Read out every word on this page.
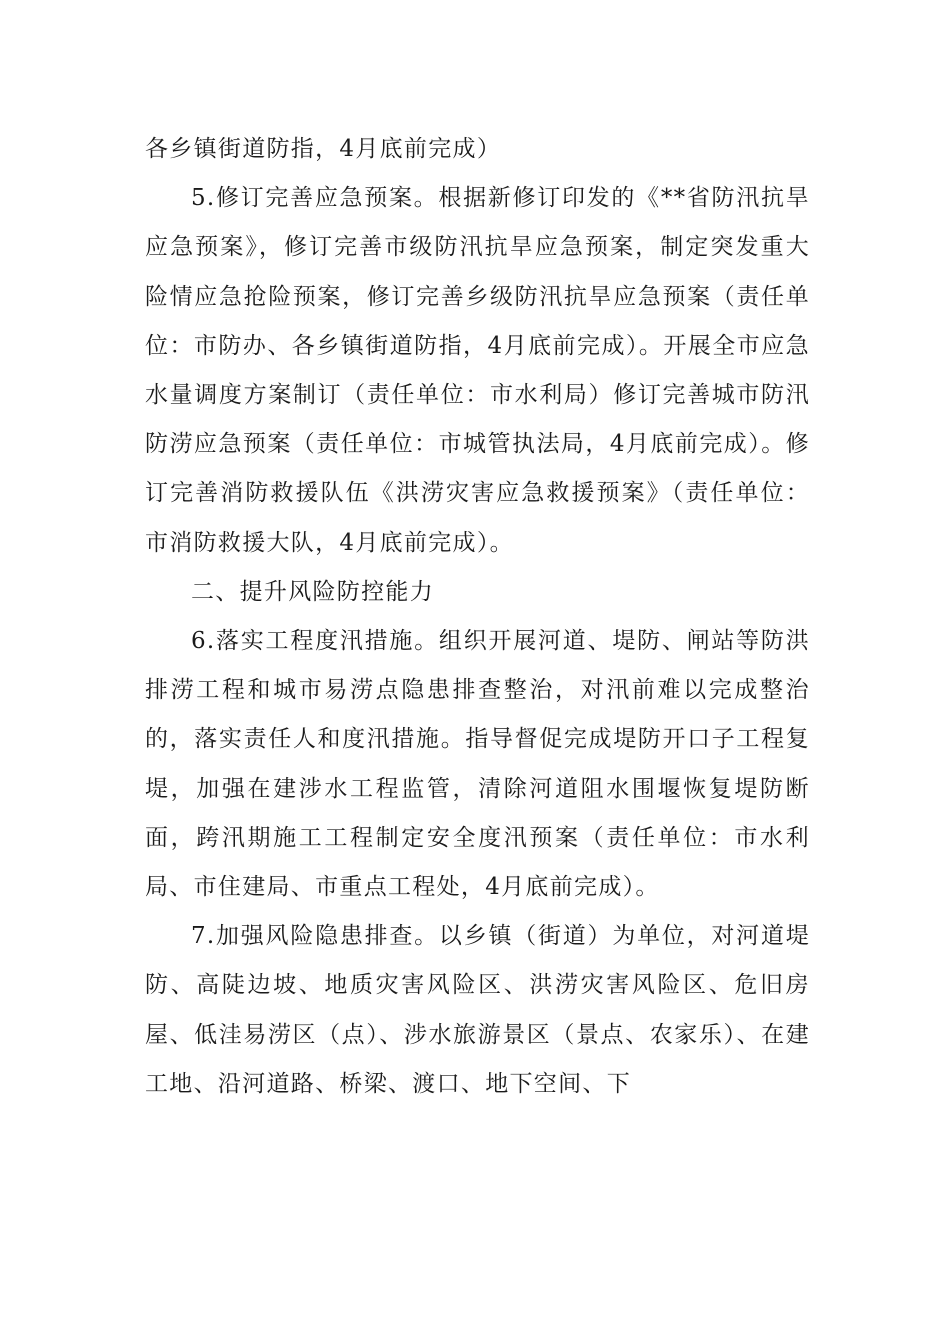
各乡镇街道防指，4月底前完成）

5.修订完善应急预案。根据新修订印发的《**省防汛抗旱应急预案》，修订完善市级防汛抗旱应急预案，制定突发重大险情应急抢险预案，修订完善乡级防汛抗旱应急预案（责任单位：市防办、各乡镇街道防指，4月底前完成）。开展全市应急水量调度方案制订（责任单位：市水利局）修订完善城市防汛防涝应急预案（责任单位：市城管执法局，4月底前完成）。修订完善消防救援队伍《洪涝灾害应急救援预案》（责任单位：市消防救援大队，4月底前完成）。

二、提升风险防控能力

6.落实工程度汛措施。组织开展河道、堤防、闸站等防洪排涝工程和城市易涝点隐患排查整治，对汛前难以完成整治的，落实责任人和度汛措施。指导督促完成堤防开口子工程复堤，加强在建涉水工程监管，清除河道阻水围堰恢复堤防断面，跨汛期施工工程制定安全度汛预案（责任单位：市水利局、市住建局、市重点工程处，4月底前完成）。

7.加强风险隐患排查。以乡镇（街道）为单位，对河道堤防、高陡边坡、地质灾害风险区、洪涝灾害风险区、危旧房屋、低洼易涝区（点）、涉水旅游景区（景点、农家乐）、在建工地、沿河道路、桥梁、渡口、地下空间、下
